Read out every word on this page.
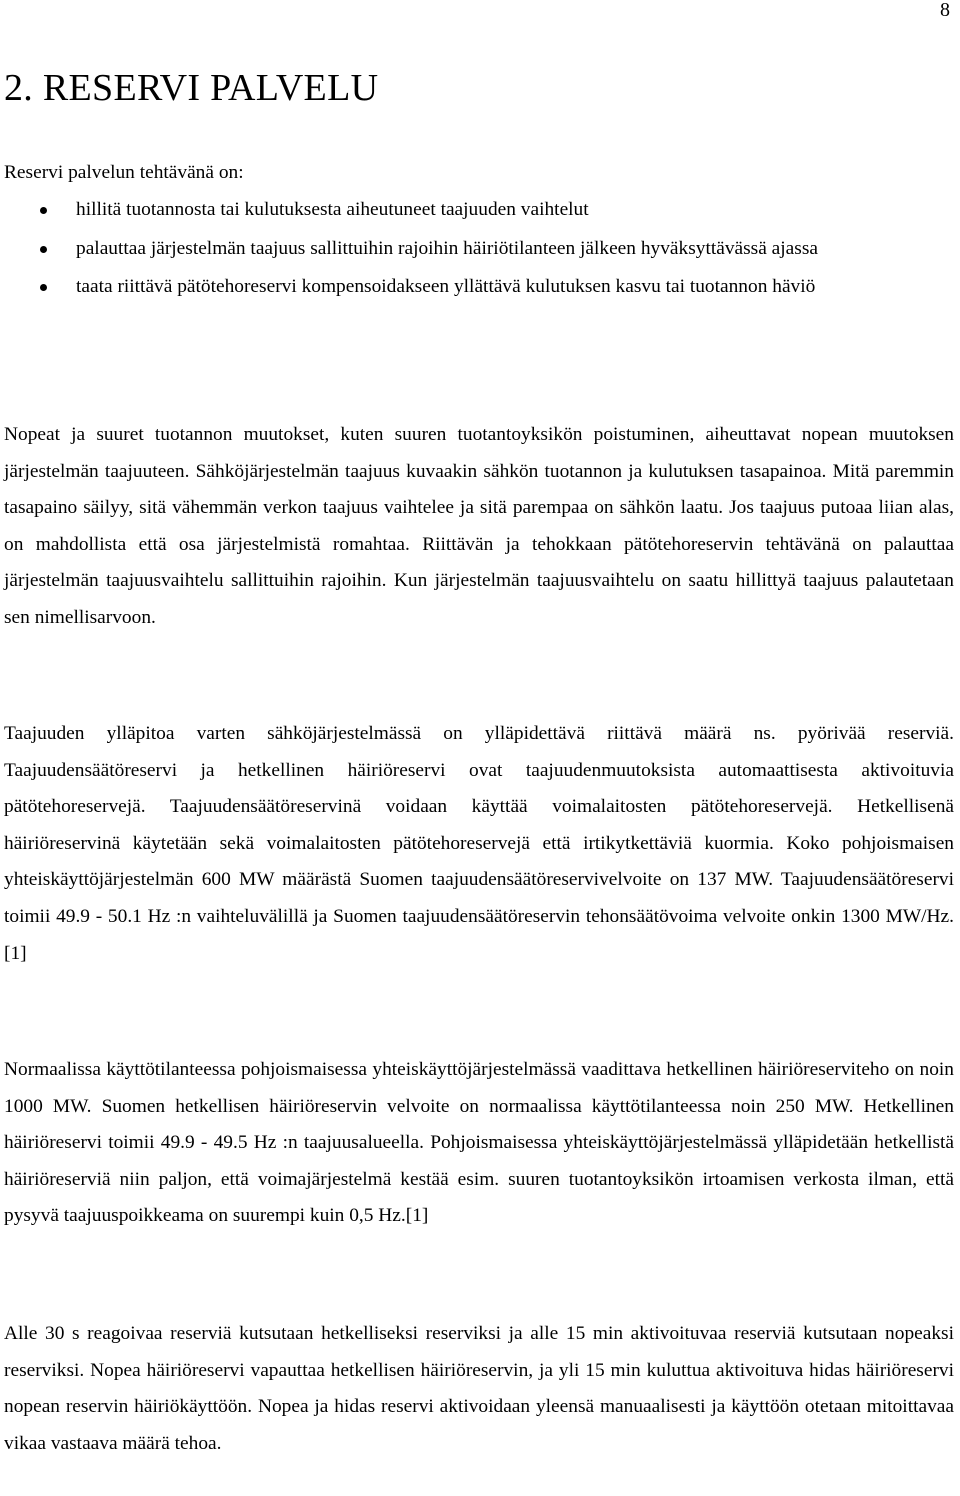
8
2. RESERVI PALVELU
Reservi palvelun tehtävänä on:
hillitä tuotannosta tai kulutuksesta aiheutuneet taajuuden vaihtelut
palauttaa järjestelmän taajuus sallittuihin rajoihin häiriötilanteen jälkeen hyväksyttävässä ajassa
taata riittävä pätötehoreservi kompensoidakseen yllättävä kulutuksen kasvu tai tuotannon häviö

Nopeat ja suuret tuotannon muutokset, kuten suuren tuotantoyksikön poistuminen, aiheuttavat nopean muutoksen järjestelmän taajuuteen. Sähköjärjestelmän taajuus kuvaakin sähkön tuotannon ja kulutuksen tasapainoa. Mitä paremmin tasapaino säilyy, sitä vähemmän verkon taajuus vaihtelee ja sitä parempaa on sähkön laatu. Jos taajuus putoaa liian alas, on mahdollista että osa järjestelmistä romahtaa. Riittävän ja tehokkaan pätötehoreservin tehtävänä on palauttaa järjestelmän taajuusvaihtelu sallittuihin rajoihin. Kun järjestelmän taajuusvaihtelu on saatu hillittyä taajuus palautetaan sen nimellisarvoon.

Taajuuden ylläpitoa varten sähköjärjestelmässä on ylläpidettävä riittävä määrä ns. pyörivää reserviä. Taajuudensäätöreservi ja hetkellinen häiriöreservi ovat taajuudenmuutoksista automaattisesta aktivoituvia pätötehoreservejä. Taajuudensäätöreservinä voidaan käyttää voimalaitosten pätötehoreservejä. Hetkellisenä häiriöreservinä käytetään sekä voimalaitosten pätötehoreservejä että irtikytkettäviä kuormia. Koko pohjoismaisen yhteiskäyttöjärjestelmän 600 MW määrästä Suomen taajuudensäätöreservivelvoite on 137 MW. Taajuudensäätöreservi toimii 49.9 - 50.1 Hz :n vaihteluvälillä ja Suomen taajuudensäätöreservin tehonsäätövoima velvoite onkin 1300 MW/Hz.[1]

Normaalissa käyttötilanteessa pohjoismaisessa yhteiskäyttöjärjestelmässä vaadittava hetkellinen häiriöreserviteho on noin 1000 MW. Suomen hetkellisen häiriöreservin velvoite on normaalissa käyttötilanteessa noin 250 MW. Hetkellinen häiriöreservi toimii 49.9 - 49.5 Hz :n taajuusalueella. Pohjoismaisessa yhteiskäyttöjärjestelmässä ylläpidetään hetkellistä häiriöreserviä niin paljon, että voimajärjestelmä kestää esim. suuren tuotantoyksikön irtoamisen verkosta ilman, että pysyvä taajuuspoikkeama on suurempi kuin 0,5 Hz.[1]

Alle 30 s reagoivaa reserviä kutsutaan hetkelliseksi reserviksi ja alle 15 min aktivoituvaa reserviä kutsutaan nopeaksi reserviksi. Nopea häiriöreservi vapauttaa hetkellisen häiriöreservin, ja yli 15 min kuluttua aktivoituva hidas häiriöreservi nopean reservin häiriökäyttöön. Nopea ja hidas reservi aktivoidaan yleensä manuaalisesti ja käyttöön otetaan mitoittavaa vikaa vastaava määrä tehoa.
